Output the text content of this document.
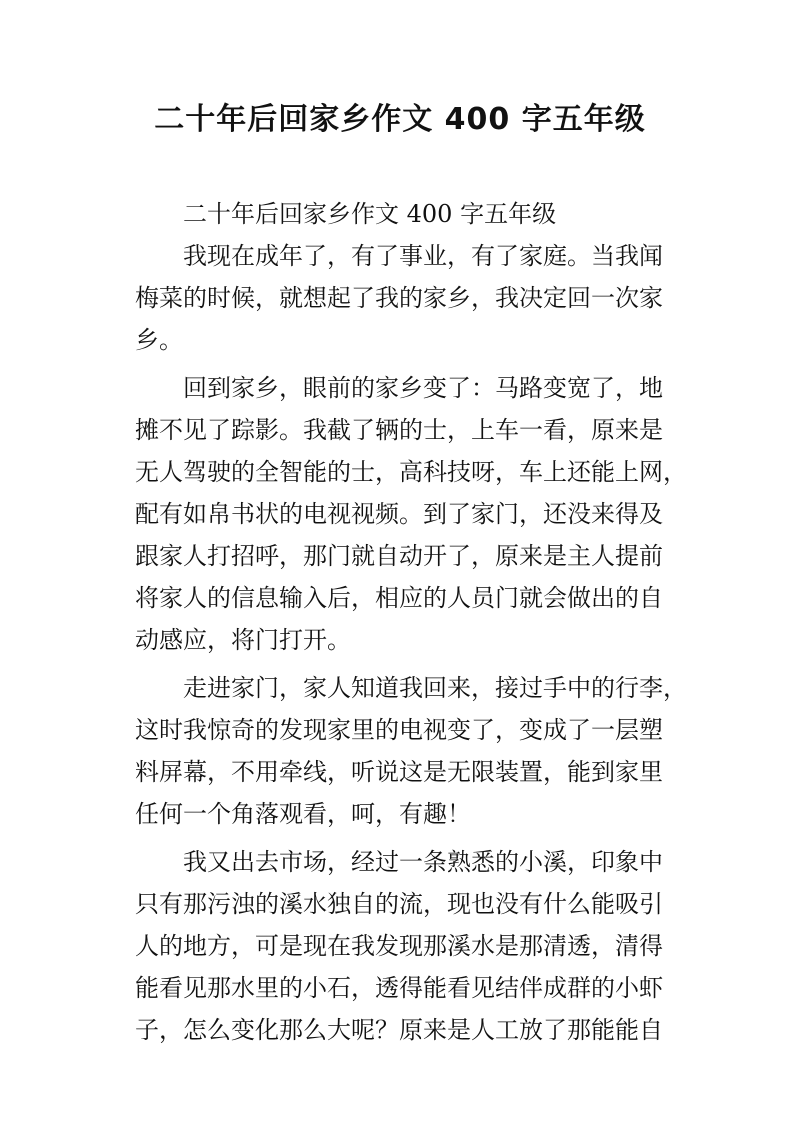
二十年后回家乡作文 400 字五年级
二十年后回家乡作文 400 字五年级
我现在成年了，有了事业，有了家庭。当我闻
梅菜的时候，就想起了我的家乡，我决定回一次家
乡。
回到家乡，眼前的家乡变了：马路变宽了，地
摊不见了踪影。我截了辆的士，上车一看，原来是
无人驾驶的全智能的士，高科技呀，车上还能上网，
配有如帛书状的电视视频。到了家门，还没来得及
跟家人打招呼，那门就自动开了，原来是主人提前
将家人的信息输入后，相应的人员门就会做出的自
动感应，将门打开。
走进家门，家人知道我回来，接过手中的行李，
这时我惊奇的发现家里的电视变了，变成了一层塑
料屏幕，不用牵线，听说这是无限装置，能到家里
任何一个角落观看，呵，有趣！
我又出去市场，经过一条熟悉的小溪，印象中
只有那污浊的溪水独自的流，现也没有什么能吸引
人的地方，可是现在我发现那溪水是那清透，清得
能看见那水里的小石，透得能看见结伴成群的小虾
子，怎么变化那么大呢？原来是人工放了那能能自
